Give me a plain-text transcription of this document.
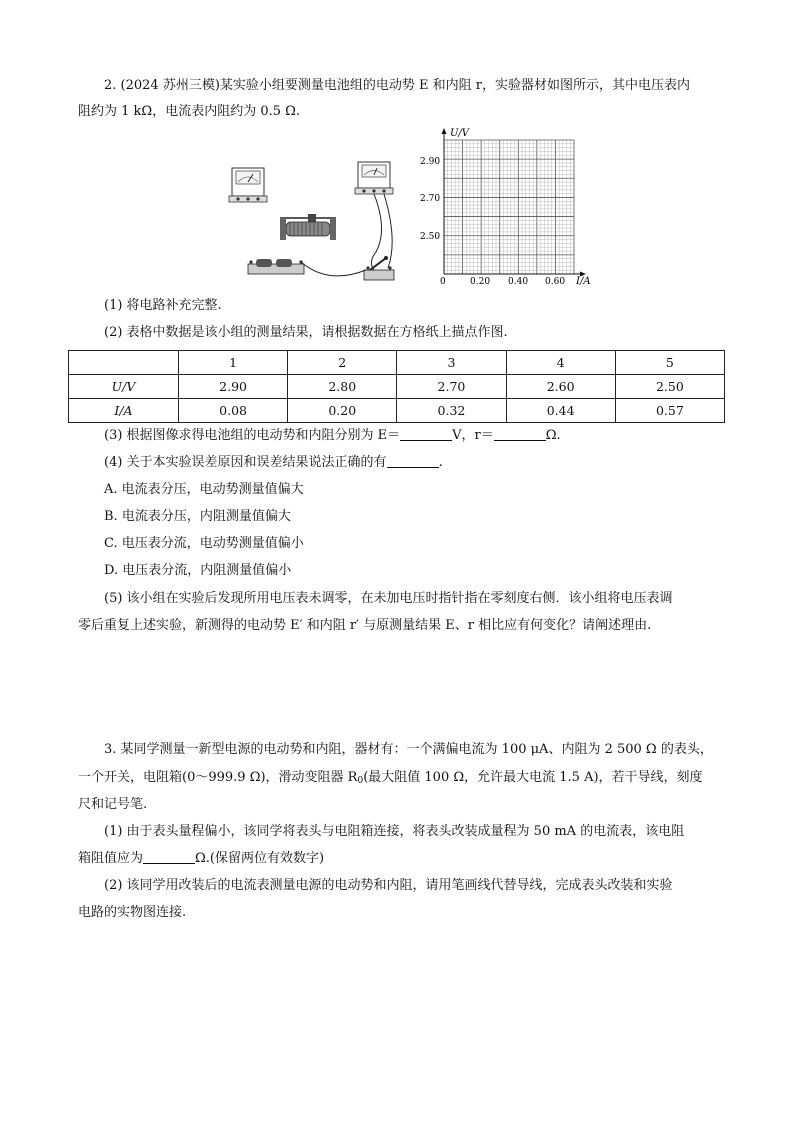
2. (2024 苏州三模)某实验小组要测量电池组的电动势 E 和内阻 r，实验器材如图所示，其中电压表内
阻约为 1 kΩ，电流表内阻约为 0.5 Ω.
U/V
I/A
0
2.90
2.70
2.50
0.20 0.40 0.60
(1) 将电路补充完整.
(2) 表格中数据是该小组的测量结果，请根据数据在方格纸上描点作图.
	1	2	3	4	5
U/V	2.90	2.80	2.70	2.60	2.50
I/A	0.08	0.20	0.32	0.44	0.57
(3) 根据图像求得电池组的电动势和内阻分别为 E＝	V，r＝	Ω.
(4) 关于本实验误差原因和误差结果说法正确的有	.
A. 电流表分压，电动势测量值偏大
B. 电流表分压，内阻测量值偏大
C. 电压表分流，电动势测量值偏小
D. 电压表分流，内阻测量值偏小
(5) 该小组在实验后发现所用电压表未调零，在未加电压时指针指在零刻度右侧．该小组将电压表调
零后重复上述实验，新测得的电动势 E′ 和内阻 r′ 与原测量结果 E、r 相比应有何变化？请阐述理由.
3. 某同学测量一新型电源的电动势和内阻，器材有：一个满偏电流为 100 μA、内阻为 2 500 Ω 的表头，
一个开关，电阻箱(0～999.9 Ω)，滑动变阻器 $R_0$(最大阻值 100 Ω，允许最大电流 1.5 A)，若干导线，刻度
尺和记号笔.
(1) 由于表头量程偏小，该同学将表头与电阻箱连接，将表头改装成量程为 50 mA 的电流表，该电阻
箱阻值应为	Ω.(保留两位有效数字)
(2) 该同学用改装后的电流表测量电源的电动势和内阻，请用笔画线代替导线，完成表头改装和实验
电路的实物图连接.
